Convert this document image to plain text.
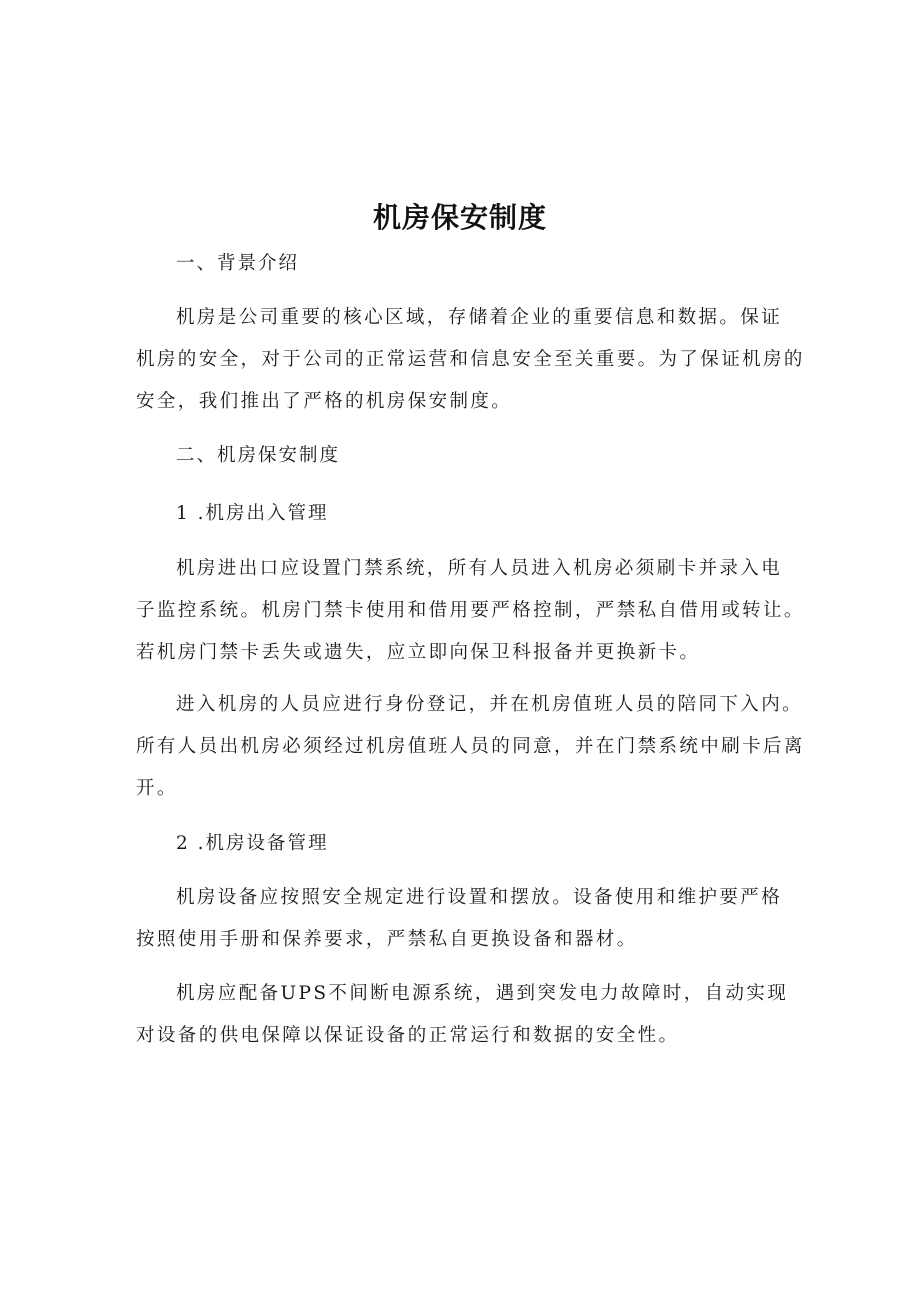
机房保安制度
一、背景介绍
机房是公司重要的核心区域，存储着企业的重要信息和数据。保证
机房的安全，对于公司的正常运营和信息安全至关重要。为了保证机房的
安全，我们推出了严格的机房保安制度。
二、机房保安制度
1 .机房出入管理
机房进出口应设置门禁系统，所有人员进入机房必须刷卡并录入电
子监控系统。机房门禁卡使用和借用要严格控制，严禁私自借用或转让。
若机房门禁卡丢失或遗失，应立即向保卫科报备并更换新卡。
进入机房的人员应进行身份登记，并在机房值班人员的陪同下入内。
所有人员出机房必须经过机房值班人员的同意，并在门禁系统中刷卡后离
开。
2 .机房设备管理
机房设备应按照安全规定进行设置和摆放。设备使用和维护要严格
按照使用手册和保养要求，严禁私自更换设备和器材。
机房应配备UPS不间断电源系统，遇到突发电力故障时，自动实现
对设备的供电保障以保证设备的正常运行和数据的安全性。
